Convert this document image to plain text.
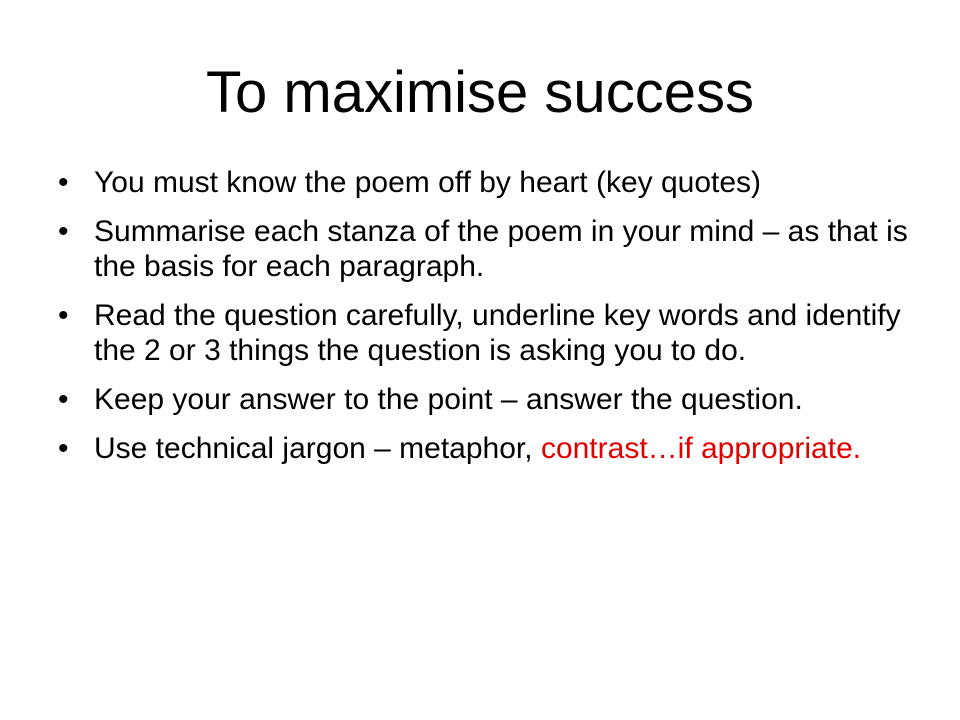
To maximise success
• You must know the poem off by heart (key quotes)
• Summarise each stanza of the poem in your mind – as that is the basis for each paragraph.
• Read the question carefully, underline key words and identify the 2 or 3 things the question is asking you to do.
• Keep your answer to the point – answer the question.
• Use technical jargon – metaphor, contrast…if appropriate.
